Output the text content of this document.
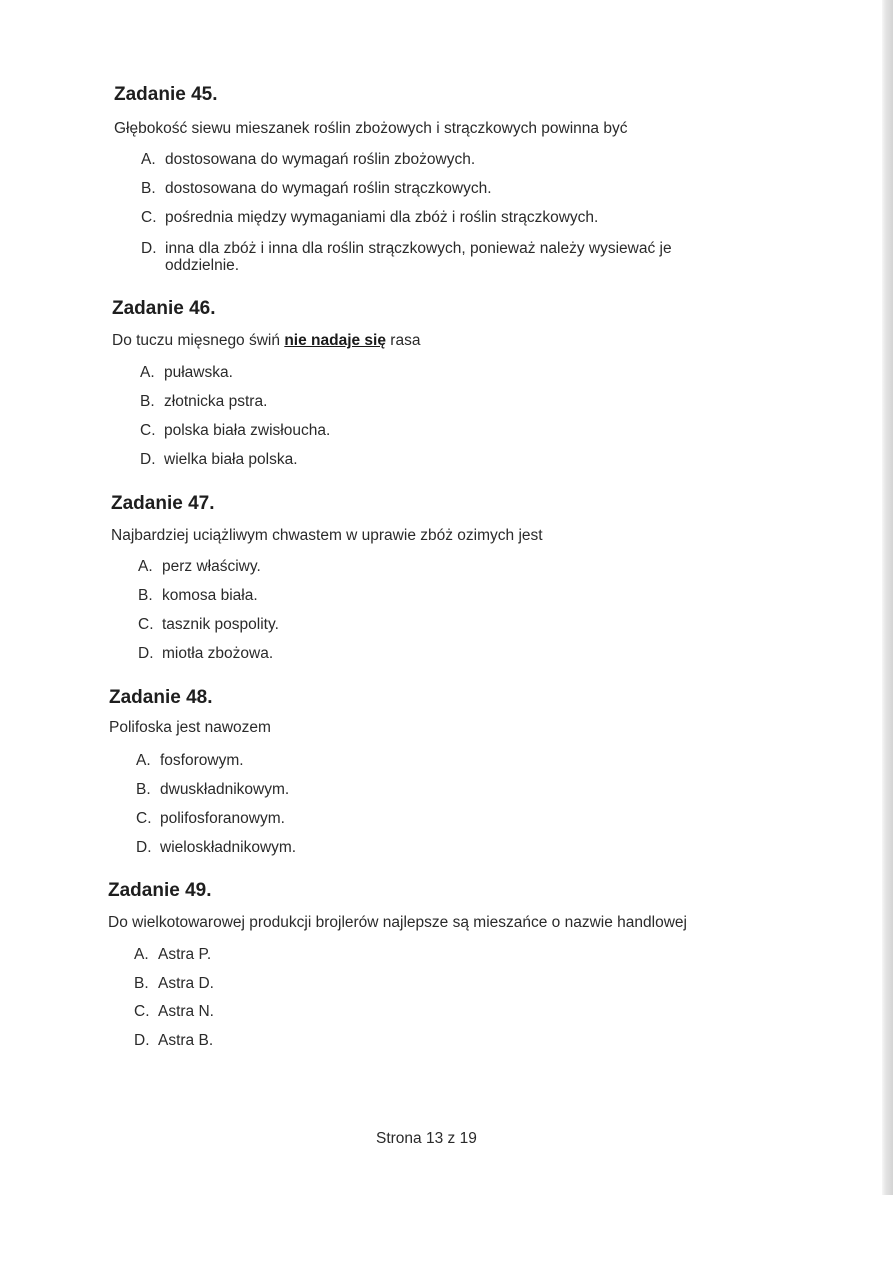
Zadanie 45.
Głębokość siewu mieszanek roślin zbożowych i strączkowych powinna być
A. dostosowana do wymagań roślin zbożowych.
B. dostosowana do wymagań roślin strączkowych.
C. pośrednia między wymaganiami dla zbóż i roślin strączkowych.
D. inna dla zbóż i inna dla roślin strączkowych, ponieważ należy wysiewać je
oddzielnie.
Zadanie 46.
Do tuczu mięsnego świń nie nadaje się rasa
A. puławska.
B. złotnicka pstra.
C. polska biała zwisłoucha.
D. wielka biała polska.
Zadanie 47.
Najbardziej uciążliwym chwastem w uprawie zbóż ozimych jest
A. perz właściwy.
B. komosa biała.
C. tasznik pospolity.
D. miotła zbożowa.
Zadanie 48.
Polifoska jest nawozem
A. fosforowym.
B. dwuskładnikowym.
C. polifosforanowym.
D. wieloskładnikowym.
Zadanie 49.
Do wielkotowarowej produkcji brojlerów najlepsze są mieszańce o nazwie handlowej
A. Astra P.
B. Astra D.
C. Astra N.
D. Astra B.
Strona 13 z 19
